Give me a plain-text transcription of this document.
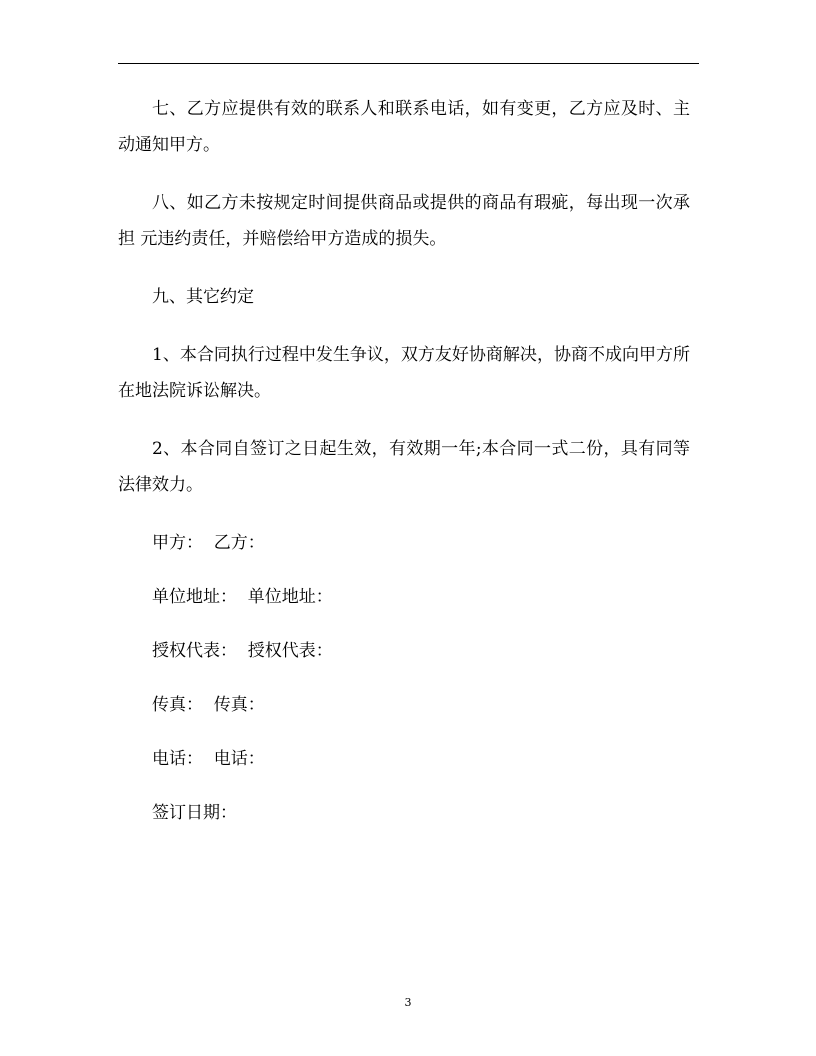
七、乙方应提供有效的联系人和联系电话，如有变更，乙方应及时、主动通知甲方。

八、如乙方未按规定时间提供商品或提供的商品有瑕疵，每出现一次承担 元违约责任，并赔偿给甲方造成的损失。

九、其它约定

1、本合同执行过程中发生争议，双方友好协商解决，协商不成向甲方所在地法院诉讼解决。

2、本合同自签订之日起生效，有效期一年;本合同一式二份，具有同等法律效力。

甲方：  乙方：

单位地址：  单位地址：

授权代表：  授权代表：

传真：  传真：

电话：  电话：

签订日期：

3
